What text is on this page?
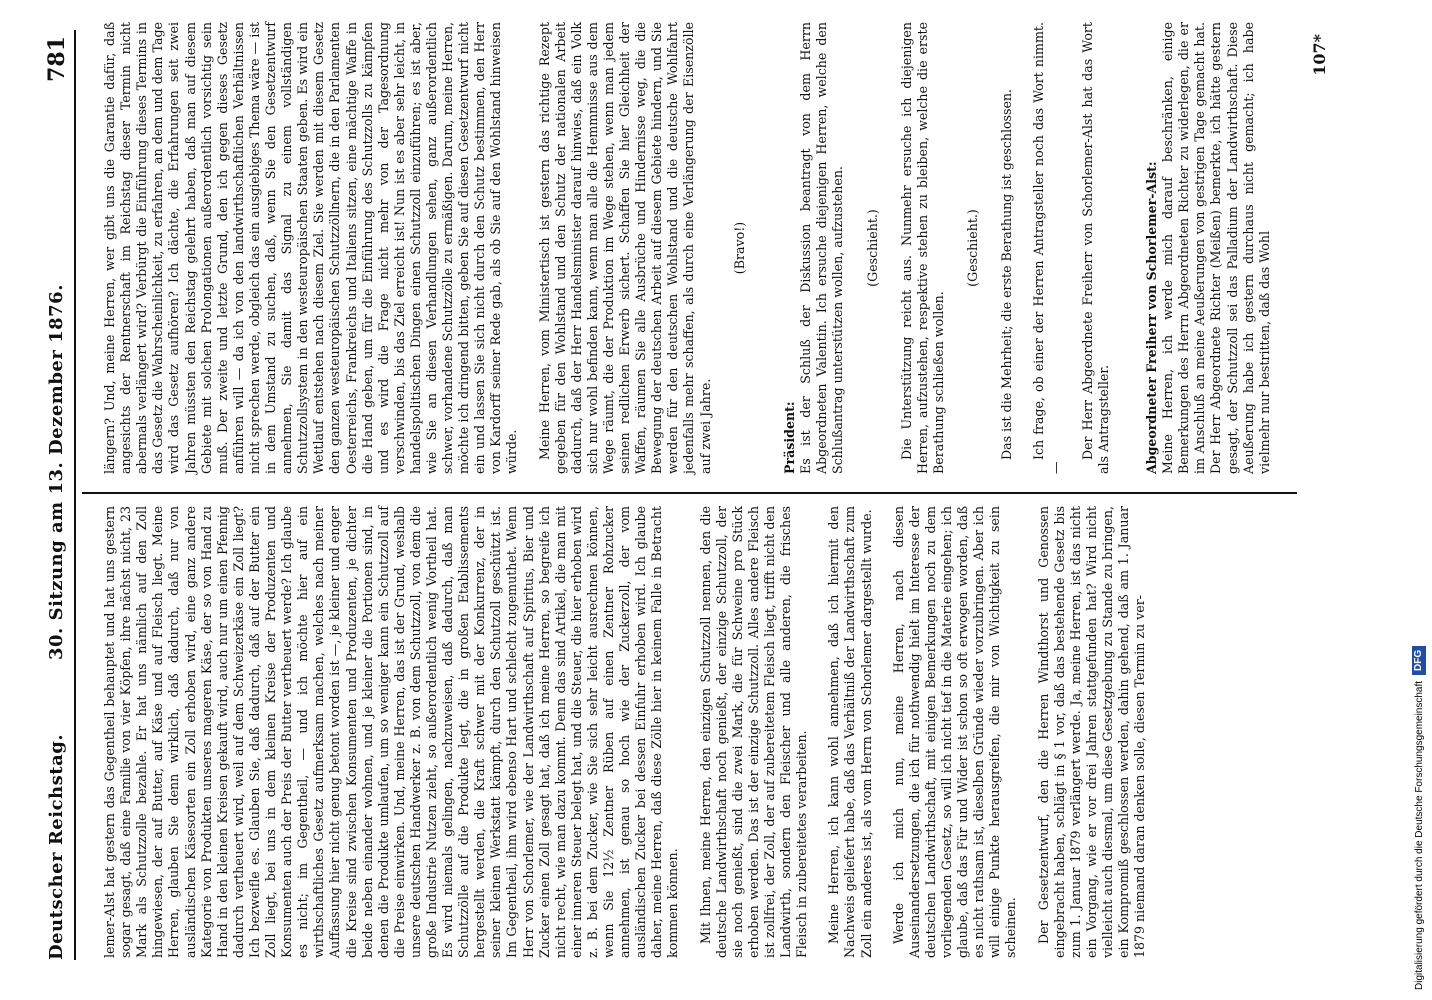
Deutscher Reichstag.
30. Sitzung am 13. Dezember 1876.
781

lemer-Alst hat gestern das Gegentheil behauptet und hat uns gestern sogar gesagt, daß eine Familie von vier Köpfen, ihre nächst nicht, 23 Mark als Schutzzolle bezahle. Er hat uns nämlich auf den Zoll hingewiesen, der auf Butter, auf Käse und auf Fleisch liegt. Meine Herren, glauben Sie denn wirklich, daß dadurch, daß nur von ausländischen Käsesorten ein Zoll erhoben wird, eine ganz andere Kategorie von Produkten unseres mageren Käse, der so von Hand zu Hand in den kleinen Kreisen gekauft wird, auch nur um einen Pfennig dadurch vertheuert wird, weil auf dem Schweizerkäse ein Zoll liegt? Ich bezweifle es. Glauben Sie, daß dadurch, daß auf der Butter ein Zoll liegt, bei uns in dem kleinen Kreise der Produzenten und Konsumenten auch der Preis der Butter vertheuert werde? Ich glaube es nicht; im Gegentheil, — und ich möchte hier auf ein wirthschaftliches Gesetz aufmerksam machen, welches nach meiner Auffassung hier nicht genug betont worden ist —, je kleiner und enger die Kreise sind zwischen Konsumenten und Produzenten, je dichter beide neben einander wohnen, und je kleiner die Portionen sind, in denen die Produkte umlaufen, um so weniger kann ein Schutzzoll auf die Preise einwirken. Und, meine Herren, das ist der Grund, weshalb unsere deutschen Handwerker z. B. von dem Schutzzoll, von dem die große Industrie Nutzen zieht, so außerordentlich wenig Vortheil hat. Es wird niemals gelingen, nachzuweisen, daß dadurch, daß man Schutzzölle auf die Produkte legt, die in großen Etablissements hergestellt werden, die Kraft schwer mit der Konkurrenz, der in seiner kleinen Werkstatt kämpft, durch den Schutzoll geschützt ist. Im Gegentheil, ihm wird ebenso Hart und schlecht zugemuthet. Wenn Herr von Schorlemer, wie der Landwirthschaft auf Spiritus, Bier und Zucker einen Zoll gesagt hat, daß ich meine Herren, so begreife ich nicht recht, wie man dazu kommt. Denn das sind Artikel, die man mit einer inneren Steuer belegt hat, und die Steuer, die hier erhoben wird z. B. bei dem Zucker, wie Sie sich sehr leicht ausrechnen können, wenn Sie 12½ Zentner Rüben auf einen Zentner Rohzucker annehmen, ist genau so hoch wie der Zuckerzoll, der vom ausländischen Zucker bei dessen Einfuhr erhoben wird. Ich glaube daher, meine Herren, daß diese Zölle hier in keinem Falle in Betracht kommen können. Mit Ihnen, meine Herren, den einzigen Schutzzoll nennen, den die deutsche Landwirthschaft noch genießt, der einzige Schutzzoll, der sie noch genießt, sind die zwei Mark, die für Schweine pro Stück erhoben werden. Das ist der einzige Schutzzoll. Alles andere Fleisch ist zollfrei, der Zoll, der auf zubereitetem Fleisch liegt, trifft nicht den Landwirth, sondern den Fleischer und alle anderen, die frisches Fleisch in zubereitetes verarbeiten. Meine Herren, ich kann wohl annehmen, daß ich hiermit den Nachweis geliefert habe, daß das Verhältniß der Landwirthschaft zum Zoll ein anderes ist, als vom Herrn von Schorlemer dargestellt wurde. Werde ich mich nun, meine Herren, nach diesen Auseinandersetzungen, die ich für nothwendig hielt im Interesse der deutschen Landwirthschaft, mit einigen Bemerkungen noch zu dem vorliegenden Gesetz, so will ich nicht tief in die Materie eingehen; ich glaube, daß das Für und Wider ist schon so oft erwogen worden, daß es nicht rathsam ist, dieselben Gründe wieder vorzubringen. Aber ich will einige Punkte herausgreifen, die mir von Wichtigkeit zu sein scheinen. Der Gesetzentwurf, den die Herren Windthorst und Genossen eingebracht haben, schlägt in § 1 vor, daß das bestehende Gesetz bis zum 1. Januar 1879 verlängert werde. Ja, meine Herren, ist das nicht ein Vorgang, wie er vor drei Jahren stattgefunden hat? Wird nicht vielleicht auch diesmal, um diese Gesetzgebung zu Stande zu bringen, ein Kompromiß geschlossen werden, dahin gehend, daß am 1. Januar 1879 niemand daran denken solle, diesen Termin zu ver-

längern? Und, meine Herren, wer gibt uns die Garantie dafür, daß angesichts der Rentnerschaft im Reichstag dieser Termin nicht abermals verlängert wird? Verbürgt die Einführung dieses Termins in das Gesetz die Wahrscheinlichkeit, zu erfahren, an dem und dem Tage wird das Gesetz aufhören? Ich dächte, die Erfahrungen seit zwei Jahren müssten den Reichstag gelehrt haben, daß man auf diesem Gebiete mit solchen Prolongationen außerordentlich vorsichtig sein muß. Der zweite und letzte Grund, den ich gegen dieses Gesetz anführen will — da ich von den landwirthschaftlichen Verhältnissen nicht sprechen werde, obgleich das ein ausgiebiges Thema wäre — ist in dem Umstand zu suchen, daß, wenn Sie den Gesetzentwurf annehmen, Sie damit das Signal zu einem vollständigen Schutzzollsystem in den westeuropäischen Staaten geben. Es wird ein Wettlauf entstehen nach diesem Ziel. Sie werden mit diesem Gesetz den ganzen westeuropäischen Schutzzöllnern, die in den Parlamenten Oesterreichs, Frankreichs und Italiens sitzen, eine mächtige Waffe in die Hand geben, um für die Einführung des Schutzzolls zu kämpfen und es wird die Frage nicht mehr von der Tagesordnung verschwinden, bis das Ziel erreicht ist! Nun ist es aber sehr leicht, in handelspolitischen Dingen einen Schutzzoll einzuführen; es ist aber, wie Sie an diesen Verhandlungen sehen, ganz außerordentlich schwer, vorhandene Schutzzölle zu ermäßigen. Darum, meine Herren, möchte ich dringend bitten, geben Sie auf diesen Gesetzentwurf nicht ein und lassen Sie sich nicht durch den Schutz bestimmen, den Herr von Kardorff seiner Rede gab, als ob Sie auf den Wohlstand hinweisen würde. Meine Herren, vom Ministertisch ist gestern das richtige Rezept gegeben für den Wohlstand und den Schutz der nationalen Arbeit dadurch, daß der Herr Handelsminister darauf hinwies, daß ein Volk sich nur wohl befinden kann, wenn man alle die Hemmnisse aus dem Wege räumt, die der Produktion im Wege stehen, wenn man jedem seinen redlichen Erwerb sichert. Schaffen Sie hier Gleichheit der Waffen, räumen Sie alle Ausbrüche und Hindernisse weg, die die Bewegung der deutschen Arbeit auf diesem Gebiete hindern, und Sie werden für den deutschen Wohlstand und die deutsche Wohlfahrt jedenfalls mehr schaffen, als durch eine Verlängerung der Eisenzölle auf zwei Jahre.

(Bravo!)

Präsident:
Es ist der Schluß der Diskussion beantragt von dem Herrn Abgeordneten Valentin. Ich ersuche diejenigen Herren, welche den Schlußantrag unterstützen wollen, aufzustehen. (Geschieht.) Die Unterstützung reicht aus. Nunmehr ersuche ich diejenigen Herren, aufzustehen, respektive stehen zu bleiben, welche die erste Berathung schließen wollen.

(Geschieht.) Das ist die Mehrheit; die erste Berathung ist geschlossen. Ich frage, ob einer der Herren Antragsteller noch das Wort nimmt. —

Der Herr Abgeordnete Freiherr von Schorlemer-Alst hat das Wort als Antragsteller.	Abgeordneter Freiherr von Schorlemer-Alst:
Meine Herren, ich werde mich darauf beschränken, einige Bemerkungen des Herrn Abgeordneten Richter zu widerlegen, die er im Anschluß an meine Aeußerungen von gestrigen Tage gemacht hat. Der Herr Abgeordnete Richter (Meißen) bemerkte, ich hätte gestern gesagt, der Schutzzoll sei das Palladium der Landwirthschaft. Diese Aeußerung habe ich gestern durchaus nicht gemacht; ich habe vielmehr nur bestritten, daß das Wohl

107*
Digitalisierung gefördert durch die Deutsche Forschungsgemeinschaft
DFG
